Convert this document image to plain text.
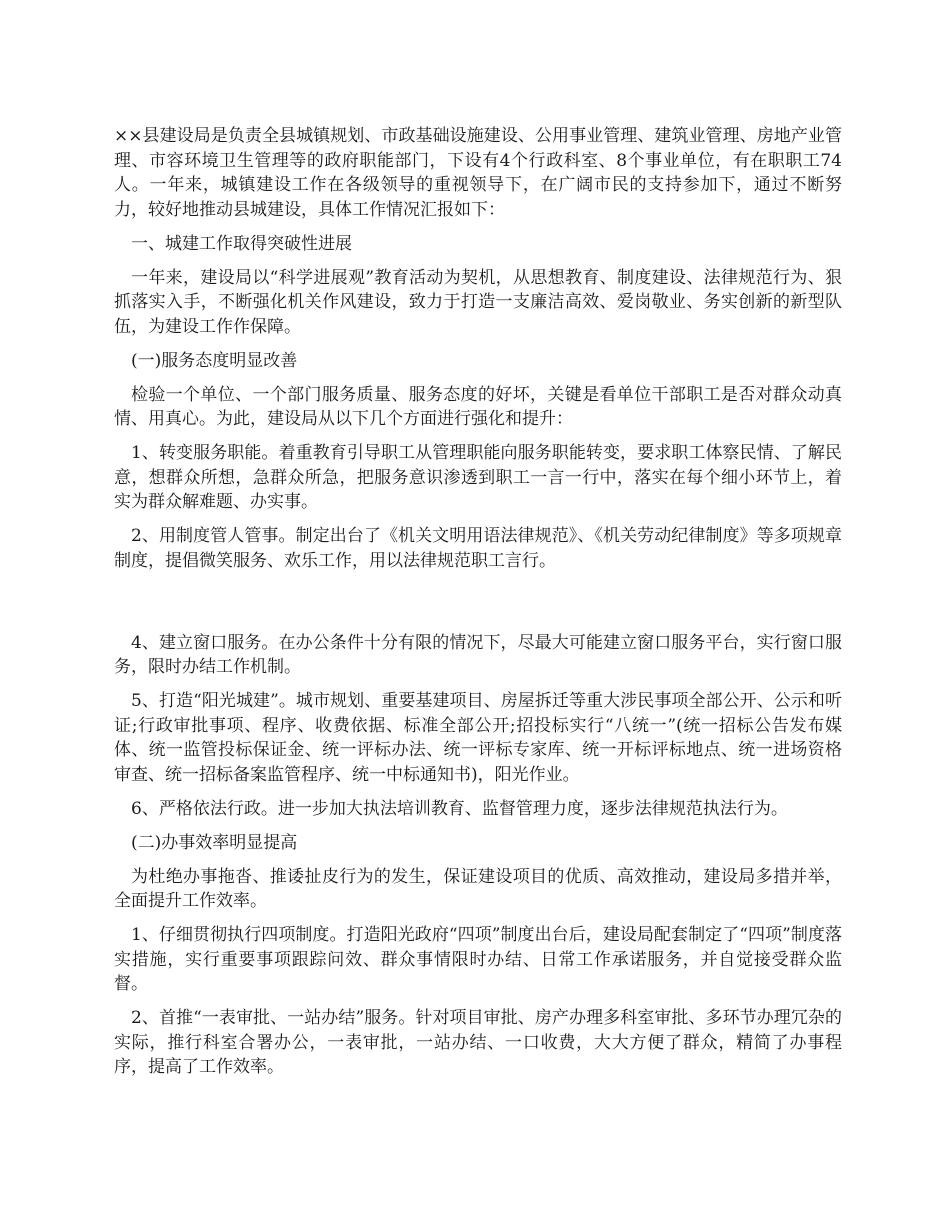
××县建设局是负责全县城镇规划、市政基础设施建设、公用事业管理、建筑业管理、房地产业管理、市容环境卫生管理等的政府职能部门，下设有4个行政科室、8个事业单位，有在职职工74人。一年来，城镇建设工作在各级领导的重视领导下，在广阔市民的支持参加下，通过不断努力，较好地推动县城建设，具体工作情况汇报如下：

一、城建工作取得突破性进展

一年来，建设局以“科学进展观”教育活动为契机，从思想教育、制度建设、法律规范行为、狠抓落实入手，不断强化机关作风建设，致力于打造一支廉洁高效、爱岗敬业、务实创新的新型队伍，为建设工作作保障。

(一)服务态度明显改善

检验一个单位、一个部门服务质量、服务态度的好坏，关键是看单位干部职工是否对群众动真情、用真心。为此，建设局从以下几个方面进行强化和提升：

1、转变服务职能。着重教育引导职工从管理职能向服务职能转变，要求职工体察民情、了解民意，想群众所想，急群众所急，把服务意识渗透到职工一言一行中，落实在每个细小环节上，着实为群众解难题、办实事。

2、用制度管人管事。制定出台了《机关文明用语法律规范》、《机关劳动纪律制度》等多项规章制度，提倡微笑服务、欢乐工作，用以法律规范职工言行。

4、建立窗口服务。在办公条件十分有限的情况下，尽最大可能建立窗口服务平台，实行窗口服务，限时办结工作机制。

5、打造“阳光城建”。城市规划、重要基建项目、房屋拆迁等重大涉民事项全部公开、公示和听证;行政审批事项、程序、收费依据、标准全部公开;招投标实行“八统一”(统一招标公告发布媒体、统一监管投标保证金、统一评标办法、统一评标专家库、统一开标评标地点、统一进场资格审查、统一招标备案监管程序、统一中标通知书)，阳光作业。

6、严格依法行政。进一步加大执法培训教育、监督管理力度，逐步法律规范执法行为。

(二)办事效率明显提高

为杜绝办事拖沓、推诿扯皮行为的发生，保证建设项目的优质、高效推动，建设局多措并举，全面提升工作效率。

1、仔细贯彻执行四项制度。打造阳光政府“四项”制度出台后，建设局配套制定了“四项”制度落实措施，实行重要事项跟踪问效、群众事情限时办结、日常工作承诺服务，并自觉接受群众监督。

2、首推“一表审批、一站办结”服务。针对项目审批、房产办理多科室审批、多环节办理冗杂的实际，推行科室合署办公，一表审批，一站办结、一口收费，大大方便了群众，精简了办事程序，提高了工作效率。
